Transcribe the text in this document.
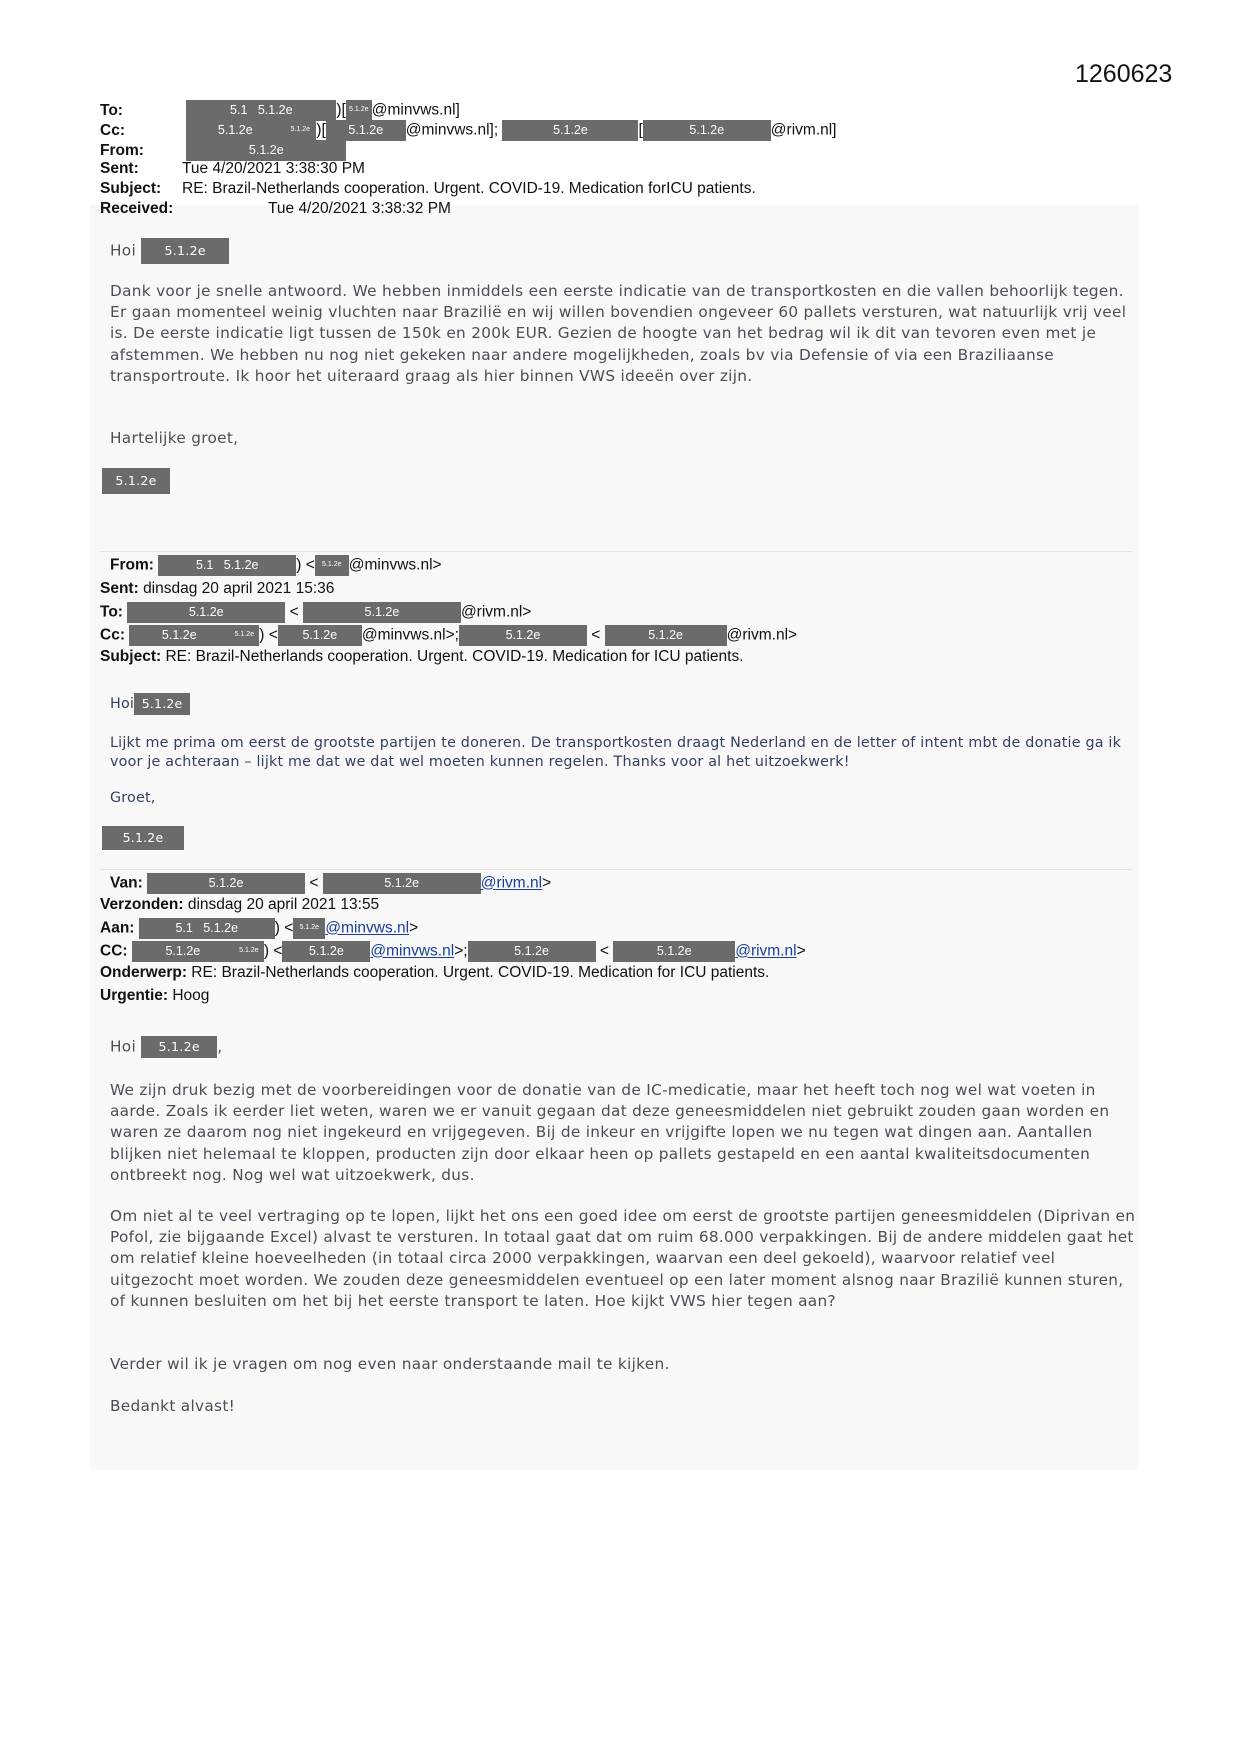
1260623
To:	5.1 5.1.2e	)[ 5.1.2e @minvws.nl]
Cc:	5.1.2e	5.1.2e )[ 5.1.2e @minvws.nl];	5.1.2e	[	5.1.2e	@rivm.nl]
From:	5.1.2e
Sent:	Tue 4/20/2021 3:38:30 PM
Subject: RE: Brazil-Netherlands cooperation. Urgent. COVID-19. Medication forICU patients.
Received:	Tue 4/20/2021 3:38:32 PM
Hoi 5.1.2e
Dank voor je snelle antwoord. We hebben inmiddels een eerste indicatie van de transportkosten en die vallen behoorlijk tegen. Er gaan momenteel weinig vluchten naar Brazilië en wij willen bovendien ongeveer 60 pallets versturen, wat natuurlijk vrij veel is. De eerste indicatie ligt tussen de 150k en 200k EUR. Gezien de hoogte van het bedrag wil ik dit van tevoren even met je afstemmen. We hebben nu nog niet gekeken naar andere mogelijkheden, zoals bv via Defensie of via een Braziliaanse transportroute. Ik hoor het uiteraard graag als hier binnen VWS ideeën over zijn.
Hartelijke groet,
5.1.2e
From:	5.1 5.1.2e ) < 5.1.2e @minvws.nl>
Sent: dinsdag 20 april 2021 15:36
To:	5.1.2e	<	5.1.2e	@rivm.nl>
Cc:	5.1.2e	5.1.2e ) < 5.1.2e @minvws.nl>;	5.1.2e	<	5.1.2e	@rivm.nl>
Subject: RE: Brazil-Netherlands cooperation. Urgent. COVID-19. Medication for ICU patients.
Hoi 5.1.2e
Lijkt me prima om eerst de grootste partijen te doneren. De transportkosten draagt Nederland en de letter of intent mbt de donatie ga ik voor je achteraan – lijkt me dat we dat wel moeten kunnen regelen. Thanks voor al het uitzoekwerk!
Groet,
5.1.2e
Van:	5.1.2e	<	5.1.2e	@rivm.nl>
Verzonden: dinsdag 20 april 2021 13:55
Aan:	5.1 5.1.2e ) < 5.1.2e @minvws.nl>
CC:	5.1.2e	5.1.2e ) < 5.1.2e @minvws.nl>;	5.1.2e	<	5.1.2e	@rivm.nl>
Onderwerp: RE: Brazil-Netherlands cooperation. Urgent. COVID-19. Medication for ICU patients.
Urgentie: Hoog
Hoi 5.1.2e ,
We zijn druk bezig met de voorbereidingen voor de donatie van de IC-medicatie, maar het heeft toch nog wel wat voeten in aarde. Zoals ik eerder liet weten, waren we er vanuit gegaan dat deze geneesmiddelen niet gebruikt zouden gaan worden en waren ze daarom nog niet ingekeurd en vrijgegeven. Bij de inkeur en vrijgifte lopen we nu tegen wat dingen aan. Aantallen blijken niet helemaal te kloppen, producten zijn door elkaar heen op pallets gestapeld en een aantal kwaliteitsdocumenten ontbreekt nog. Nog wel wat uitzoekwerk, dus.
Om niet al te veel vertraging op te lopen, lijkt het ons een goed idee om eerst de grootste partijen geneesmiddelen (Diprivan en Pofol, zie bijgaande Excel) alvast te versturen. In totaal gaat dat om ruim 68.000 verpakkingen. Bij de andere middelen gaat het om relatief kleine hoeveelheden (in totaal circa 2000 verpakkingen, waarvan een deel gekoeld), waarvoor relatief veel uitgezocht moet worden. We zouden deze geneesmiddelen eventueel op een later moment alsnog naar Brazilië kunnen sturen, of kunnen besluiten om het bij het eerste transport te laten. Hoe kijkt VWS hier tegen aan?
Verder wil ik je vragen om nog even naar onderstaande mail te kijken.
Bedankt alvast!
